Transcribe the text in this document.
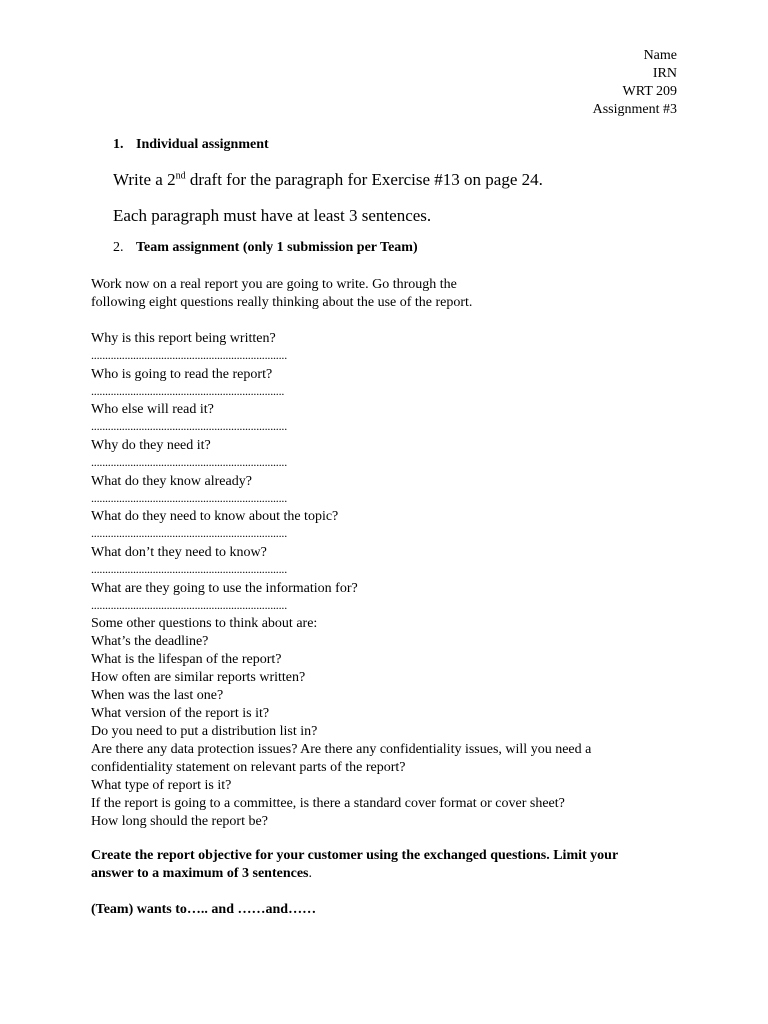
Name
IRN
WRT 209
Assignment #3
1. Individual assignment
Write a 2nd draft for the paragraph for Exercise #13 on page 24.
Each paragraph must have at least 3 sentences.
2. Team assignment (only 1 submission per Team)
Work now on a real report you are going to write. Go through the
following eight questions really thinking about the use of the report.
Why is this report being written?
......................................................................
Who is going to read the report?
.....................................................................
Who else will read it?
......................................................................
Why do they need it?
......................................................................
What do they know already?
......................................................................
What do they need to know about the topic?
......................................................................
What don’t they need to know?
......................................................................
What are they going to use the information for?
......................................................................
Some other questions to think about are:
What’s the deadline?
What is the lifespan of the report?
How often are similar reports written?
When was the last one?
What version of the report is it?
Do you need to put a distribution list in?
Are there any data protection issues? Are there any confidentiality issues, will you need a
confidentiality statement on relevant parts of the report?
What type of report is it?
If the report is going to a committee, is there a standard cover format or cover sheet?
How long should the report be?
Create the report objective for your customer using the exchanged questions. Limit your
answer to a maximum of 3 sentences.
(Team) wants to….. and ……and……
